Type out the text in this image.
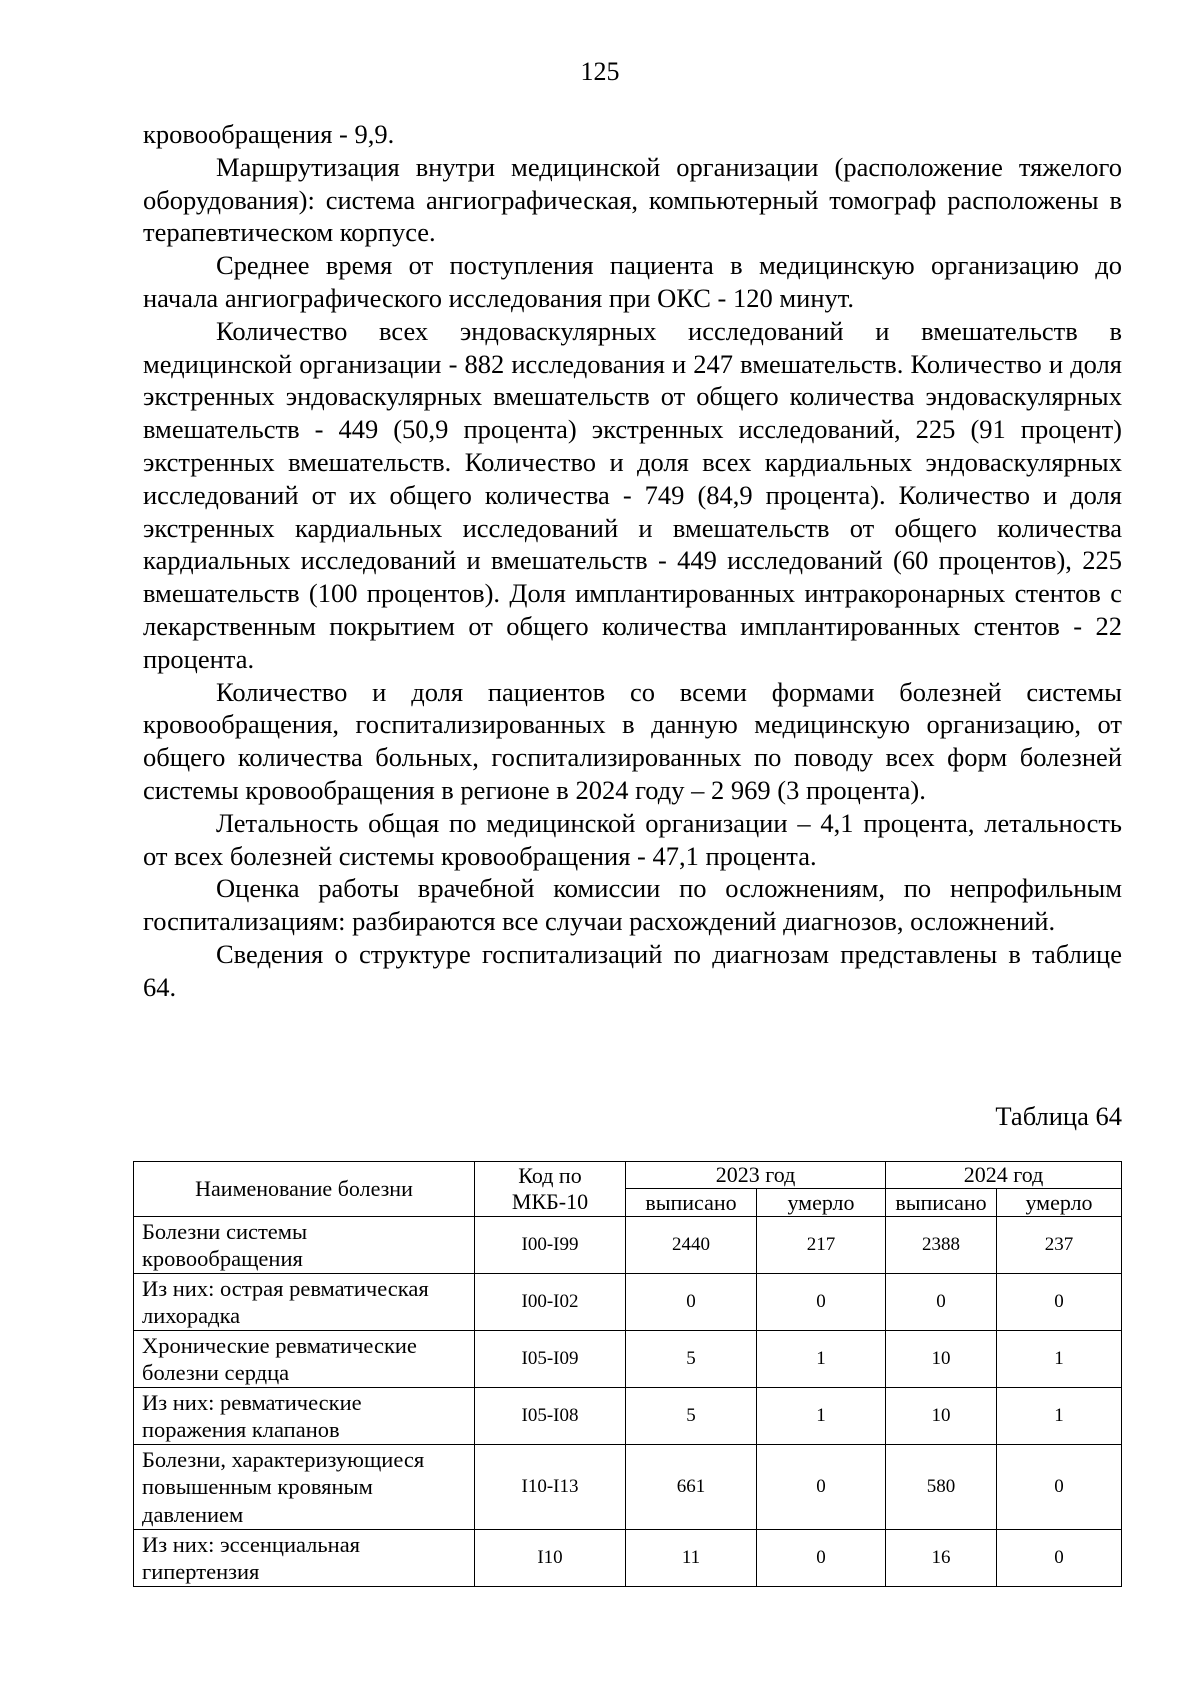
125

кровообращения - 9,9.

Маршрутизация внутри медицинской организации (расположение тяжелого оборудования): система ангиографическая, компьютерный томограф расположены в терапевтическом корпусе.

Среднее время от поступления пациента в медицинскую организацию до начала ангиографического исследования при ОКС - 120 минут.

Количество всех эндоваскулярных исследований и вмешательств в медицинской организации - 882 исследования и 247 вмешательств. Количество и доля экстренных эндоваскулярных вмешательств от общего количества эндоваскулярных вмешательств - 449 (50,9 процента) экстренных исследований, 225 (91 процент) экстренных вмешательств. Количество и доля всех кардиальных эндоваскулярных исследований от их общего количества - 749 (84,9 процента). Количество и доля экстренных кардиальных исследований и вмешательств от общего количества кардиальных исследований и вмешательств - 449 исследований (60 процентов), 225 вмешательств (100 процентов). Доля имплантированных интракоронарных стентов с лекарственным покрытием от общего количества имплантированных стентов - 22 процента.

Количество и доля пациентов со всеми формами болезней системы кровообращения, госпитализированных в данную медицинскую организацию, от общего количества больных, госпитализированных по поводу всех форм болезней системы кровообращения в регионе в 2024 году – 2 969 (3 процента).

Летальность общая по медицинской организации – 4,1 процента, летальность от всех болезней системы кровообращения - 47,1 процента.

Оценка работы врачебной комиссии по осложнениям, по непрофильным госпитализациям: разбираются все случаи расхождений диагнозов, осложнений.

Сведения о структуре госпитализаций по диагнозам представлены в таблице 64.

Таблица 64
Наименование болезни	Код по МКБ-10	2023 год		2024 год	
		выписано	умерло	выписано	умерло
Болезни системы кровообращения	I00-I99	2440	217	2388	237
Из них: острая ревматическая лихорадка	I00-I02	0	0	0	0
Хронические ревматические болезни сердца	I05-I09	5	1	10	1
Из них: ревматические поражения клапанов	I05-I08	5	1	10	1
Болезни, характеризующиеся повышенным кровяным давлением	I10-I13	661	0	580	0
Из них: эссенциальная гипертензия	I10	11	0	16	0
